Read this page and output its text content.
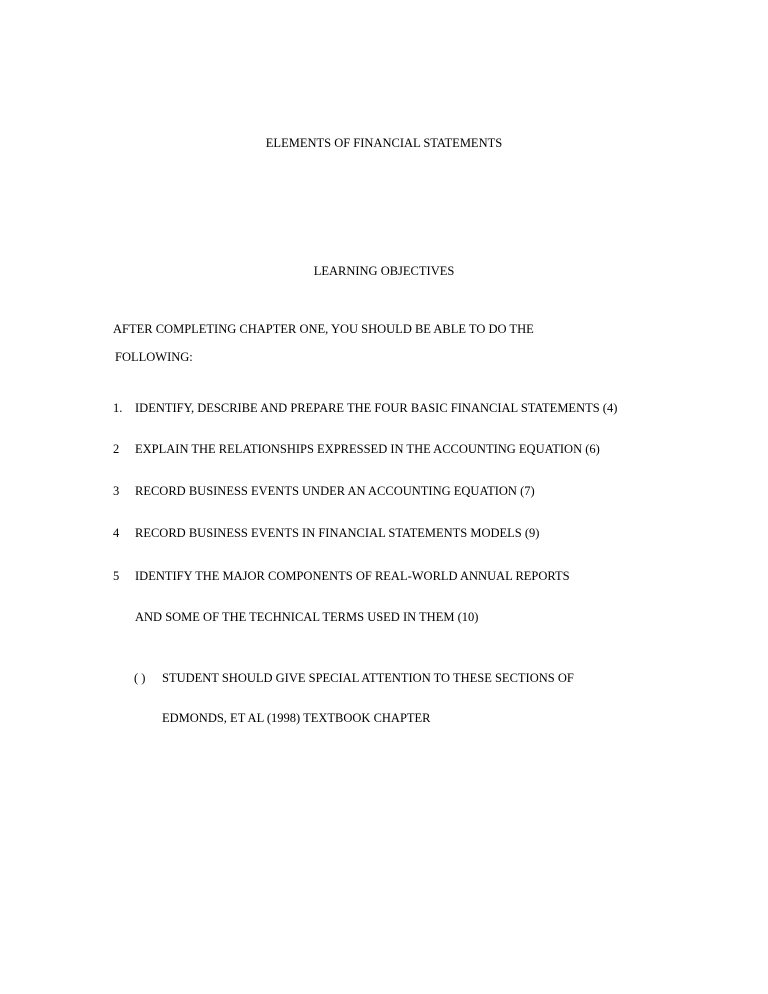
ELEMENTS OF FINANCIAL STATEMENTS
LEARNING OBJECTIVES
AFTER COMPLETING CHAPTER ONE, YOU SHOULD BE ABLE TO DO THE
FOLLOWING:
1. IDENTIFY, DESCRIBE AND PREPARE THE FOUR BASIC FINANCIAL STATEMENTS (4)
2 EXPLAIN THE RELATIONSHIPS EXPRESSED IN THE ACCOUNTING EQUATION (6)
3 RECORD BUSINESS EVENTS UNDER AN ACCOUNTING EQUATION (7)
4 RECORD BUSINESS EVENTS IN FINANCIAL STATEMENTS MODELS (9)
5 IDENTIFY THE MAJOR COMPONENTS OF REAL-WORLD ANNUAL REPORTS
AND SOME OF THE TECHNICAL TERMS USED IN THEM (10)
( ) STUDENT SHOULD GIVE SPECIAL ATTENTION TO THESE SECTIONS OF
EDMONDS, ET AL (1998) TEXTBOOK CHAPTER
